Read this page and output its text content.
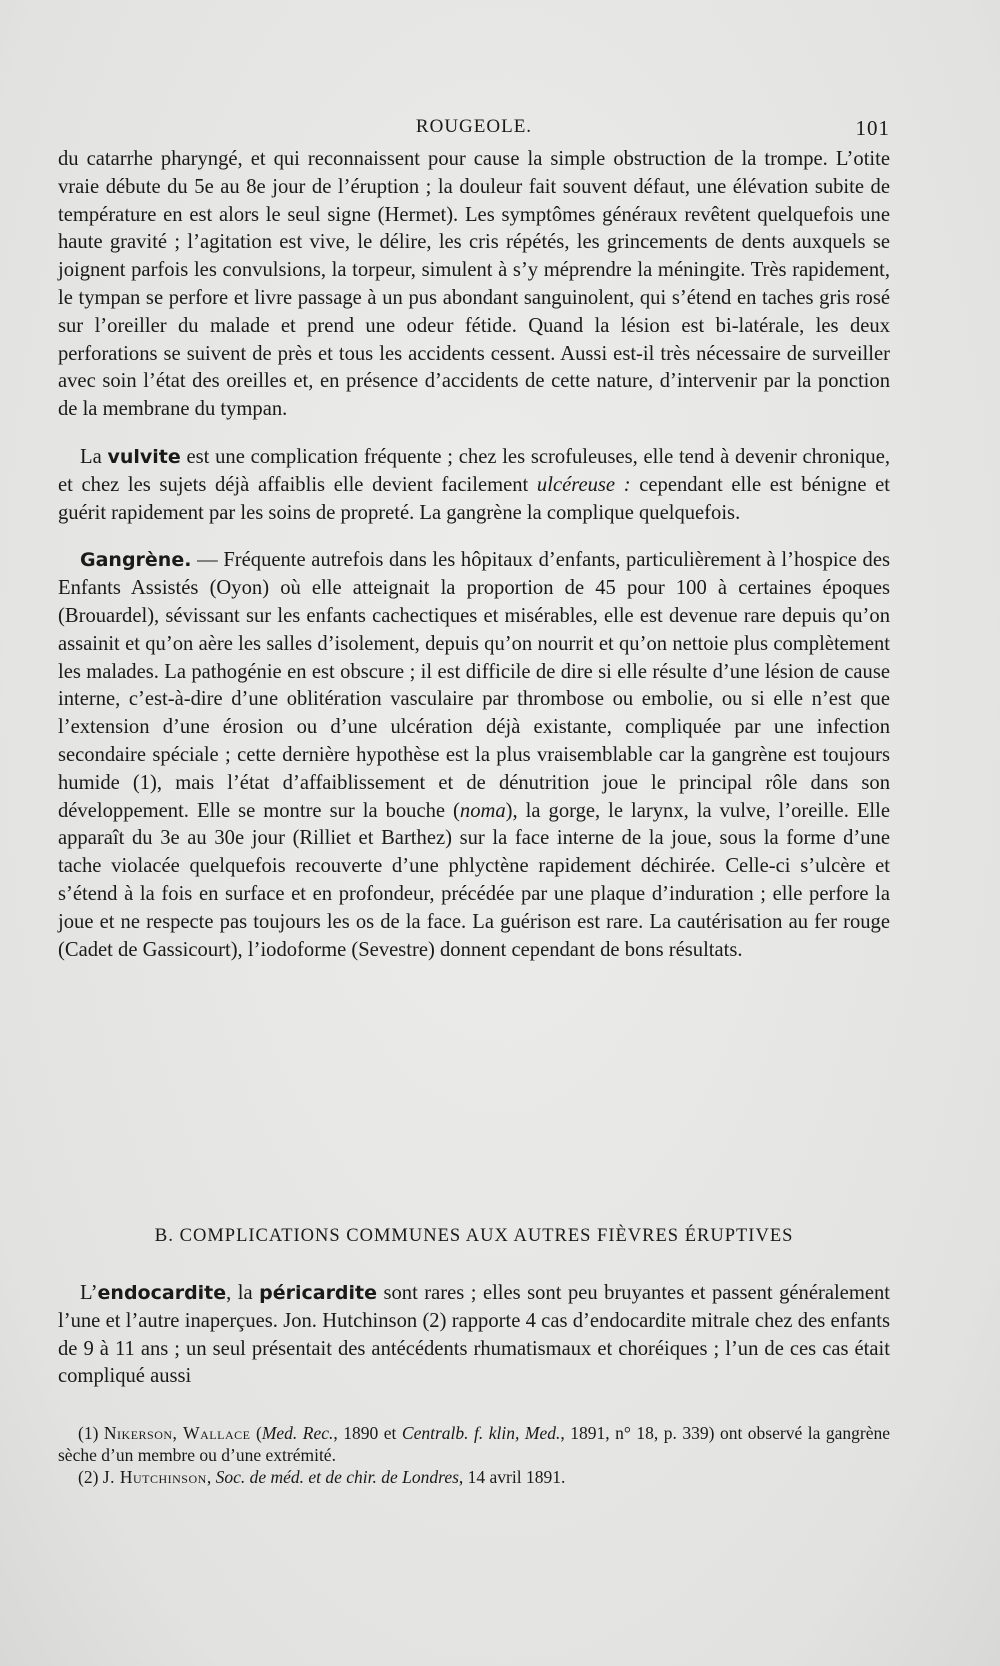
ROUGEOLE.	101

du catarrhe pharyngé, et qui reconnaissent pour cause la simple obstruction de la trompe. L’otite vraie débute du 5e au 8e jour de l’éruption ; la douleur fait souvent défaut, une élévation subite de température en est alors le seul signe (Hermet). Les symptômes généraux revêtent quelquefois une haute gravité ; l’agitation est vive, le délire, les cris répétés, les grincements de dents auxquels se joignent parfois les convulsions, la torpeur, simulent à s’y méprendre la méningite. Très rapidement, le tympan se perfore et livre passage à un pus abondant sanguinolent, qui s’étend en taches gris rosé sur l’oreiller du malade et prend une odeur fétide. Quand la lésion est bi-latérale, les deux perforations se suivent de près et tous les accidents cessent. Aussi est-il très nécessaire de surveiller avec soin l’état des oreilles et, en présence d’accidents de cette nature, d’intervenir par la ponction de la membrane du tympan.

La vulvite est une complication fréquente ; chez les scrofuleuses, elle tend à devenir chronique, et chez les sujets déjà affaiblis elle devient facilement ulcéreuse : cependant elle est bénigne et guérit rapidement par les soins de propreté. La gangrène la complique quelquefois.

Gangrène. — Fréquente autrefois dans les hôpitaux d’enfants, particulièrement à l’hospice des Enfants Assistés (Oyon) où elle atteignait la proportion de 45 pour 100 à certaines époques (Brouardel), sévissant sur les enfants cachectiques et misérables, elle est devenue rare depuis qu’on assainit et qu’on aère les salles d’isolement, depuis qu’on nourrit et qu’on nettoie plus complètement les malades. La pathogénie en est obscure ; il est difficile de dire si elle résulte d’une lésion de cause interne, c’est-à-dire d’une oblitération vasculaire par thrombose ou embolie, ou si elle n’est que l’extension d’une érosion ou d’une ulcération déjà existante, compliquée par une infection secondaire spéciale ; cette dernière hypothèse est la plus vraisemblable car la gangrène est toujours humide (1), mais l’état d’affaiblissement et de dénutrition joue le principal rôle dans son développement. Elle se montre sur la bouche (noma), la gorge, le larynx, la vulve, l’oreille. Elle apparaît du 3e au 30e jour (Rilliet et Barthez) sur la face interne de la joue, sous la forme d’une tache violacée quelquefois recouverte d’une phlyctène rapidement déchirée. Celle-ci s’ulcère et s’étend à la fois en surface et en profondeur, précédée par une plaque d’induration ; elle perfore la joue et ne respecte pas toujours les os de la face. La guérison est rare. La cautérisation au fer rouge (Cadet de Gassicourt), l’iodoforme (Sevestre) donnent cependant de bons résultats.

B. COMPLICATIONS COMMUNES AUX AUTRES FIÈVRES ÉRUPTIVES

L’endocardite, la péricardite sont rares ; elles sont peu bruyantes et passent généralement l’une et l’autre inaperçues. Jon. Hutchinson (2) rapporte 4 cas d’endocardite mitrale chez des enfants de 9 à 11 ans ; un seul présentait des antécédents rhumatismaux et choréiques ; l’un de ces cas était compliqué aussi

(1) Nikerson, Wallace (Med. Rec., 1890 et Centralb. f. klin, Med., 1891, n° 18, p. 339) ont observé la gangrène sèche d’un membre ou d’une extrémité.

(2) J. Hutchinson, Soc. de méd. et de chir. de Londres, 14 avril 1891.
